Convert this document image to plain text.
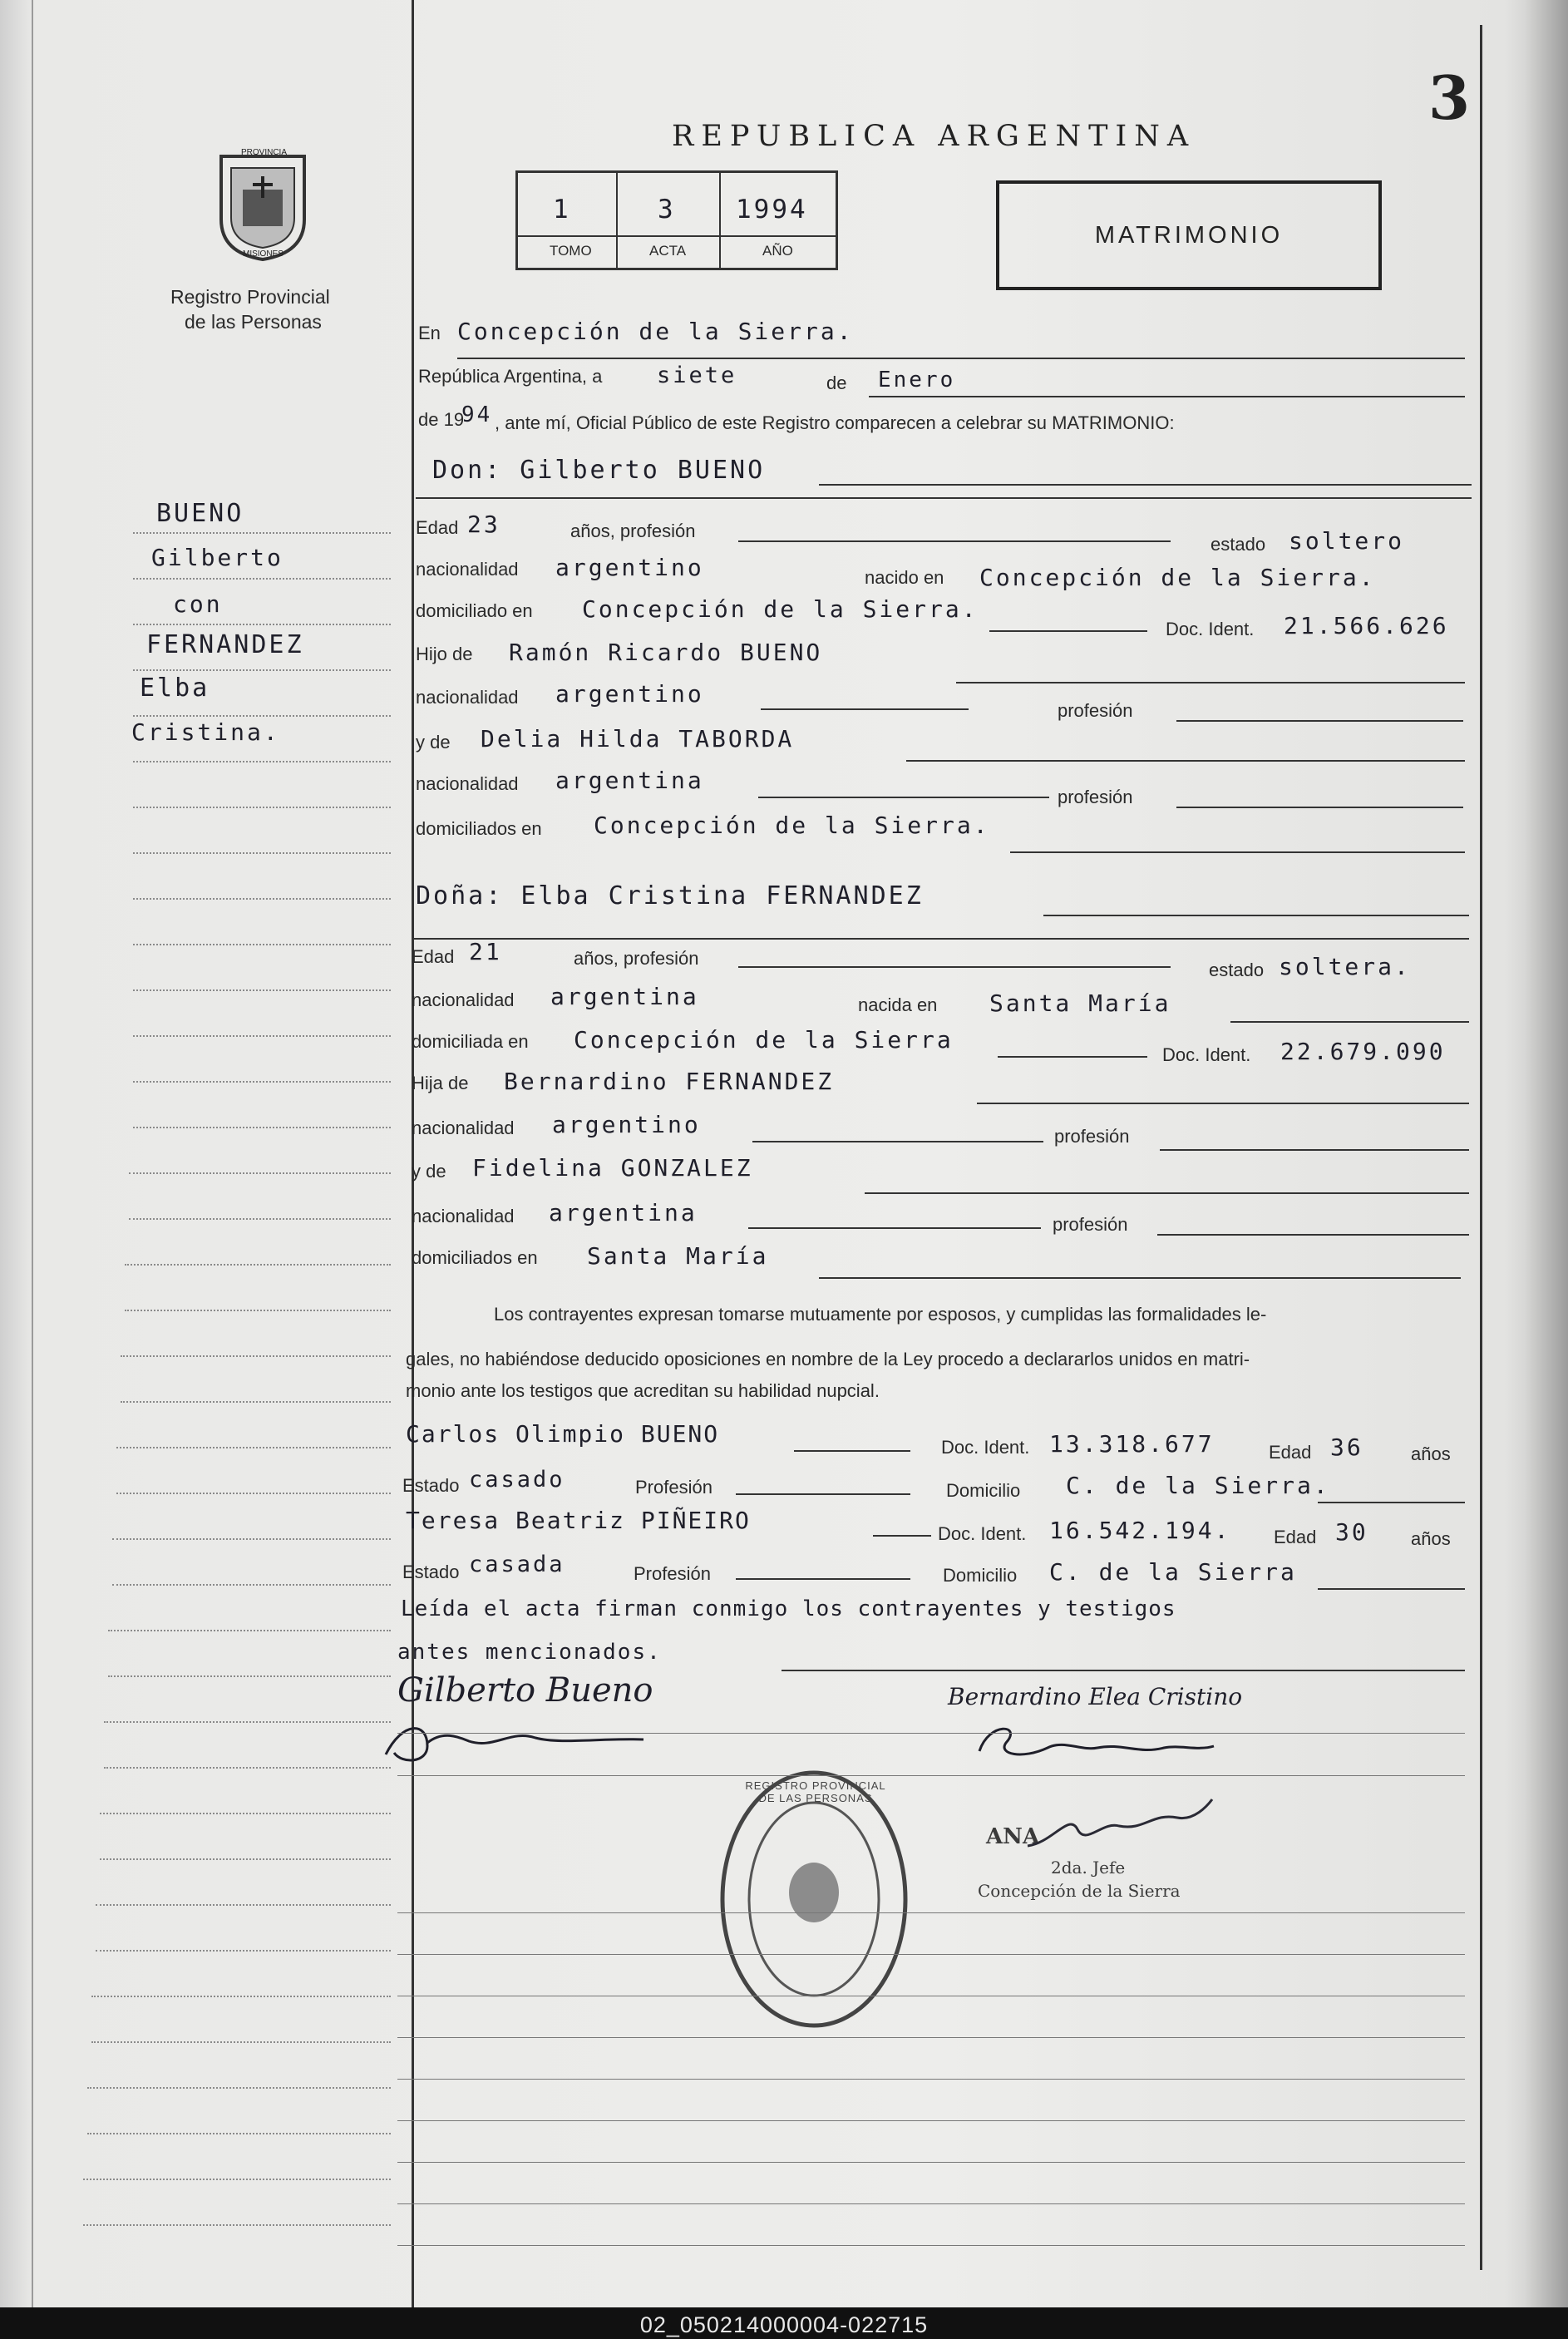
3
PROVINCIA
MISIONES
Registro Provincial
de las Personas
REPUBLICA ARGENTINA
1
TOMO
3
ACTA
1994
AÑO
MATRIMONIO
BUENO
Gilberto
con
FERNANDEZ
Elba
Cristina.
En Concepción de la Sierra.
República Argentina, a siete	de Enero
de 19
94 , ante mí, Oficial Público de este Registro comparecen a celebrar su MATRIMONIO:
Don: Gilberto BUENO
Edad 23	años, profesión
estado soltero
nacionalidad argentino	nacido en Concepción de la Sierra.
domiciliado en Concepción de la Sierra.
Doc. Ident. 21.566.626
Hijo de Ramón Ricardo BUENO
nacionalidad argentino
profesión
y de Delia Hilda TABORDA
nacionalidad argentina
profesión
domiciliados en Concepción de la Sierra.
Doña: Elba Cristina FERNANDEZ
Edad 21	años, profesión
estado soltera.
nacionalidad argentina	nacida en Santa María
domiciliada en Concepción de la Sierra
Doc. Ident. 22.679.090
Hija de Bernardino FERNANDEZ
nacionalidad argentino	profesión
y de Fidelina GONZALEZ
nacionalidad argentina	profesión
domiciliados en Santa María
Los contrayentes expresan tomarse mutuamente por esposos, y cumplidas las formalidades le-
gales, no habiéndose deducido oposiciones en nombre de la Ley procedo a declararlos unidos en matri-
monio ante los testigos que acreditan su habilidad nupcial.
Carlos Olimpio BUENO	Doc. Ident. 13.318.677	Edad 36	años
Estado casado	Profesión	Domicilio C. de la Sierra.
Teresa Beatriz PIÑEIRO	Doc. Ident. 16.542.194. Edad 30 años
Estado casada	Profesión	Domicilio C. de la Sierra
Leída el acta firman conmigo los contrayentes y testigos
antes mencionados.
Gilberto Bueno	Bernardino Elea Cristino
REGISTRO PROVINCIAL DE LAS PERSONAS
ANA
2da. Jefe
Concepción de la Sierra
02_050214000004-022715
